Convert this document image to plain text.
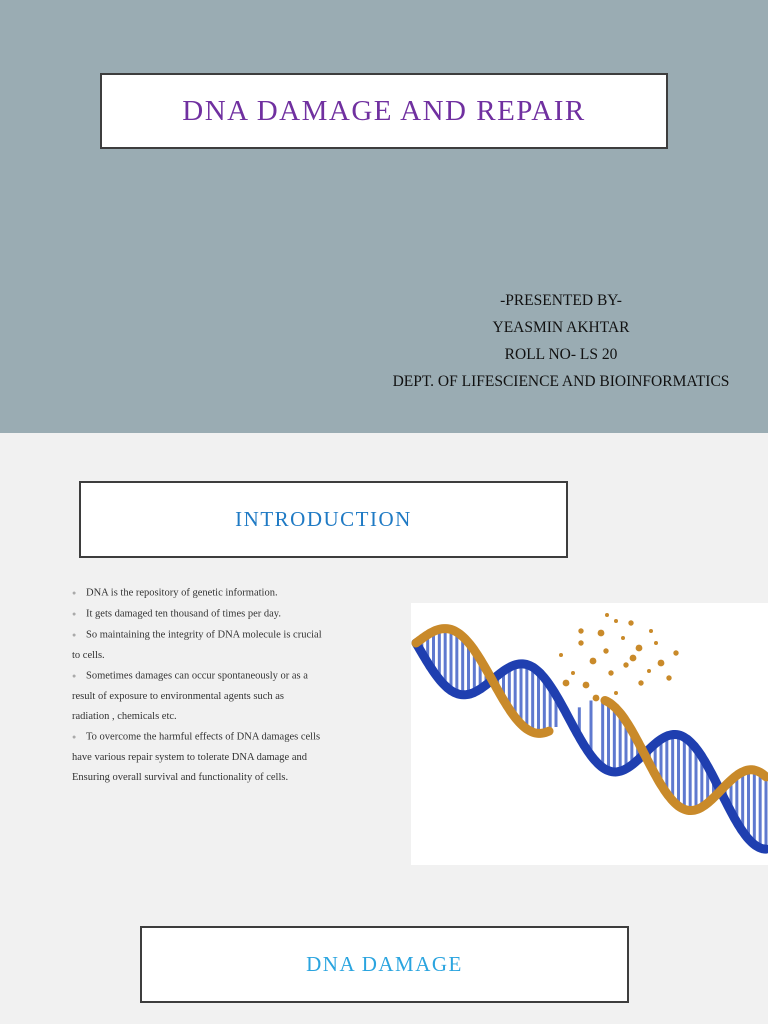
DNA DAMAGE AND REPAIR
-PRESENTED BY-
YEASMIN AKHTAR
ROLL NO- LS 20
DEPT. OF LIFESCIENCE AND BIOINFORMATICS
INTRODUCTION

● DNA is the repository of genetic information.

● It gets damaged ten thousand of times per day.

● So maintaining the integrity of DNA molecule is crucial

to cells.

● Sometimes damages can occur spontaneously or as a

result of exposure to environmental agents such as

radiation , chemicals etc.

● To overcome the harmful effects of DNA damages cells

have various repair system to tolerate DNA damage and

Ensuring overall survival and functionality of cells.

DNA DAMAGE
